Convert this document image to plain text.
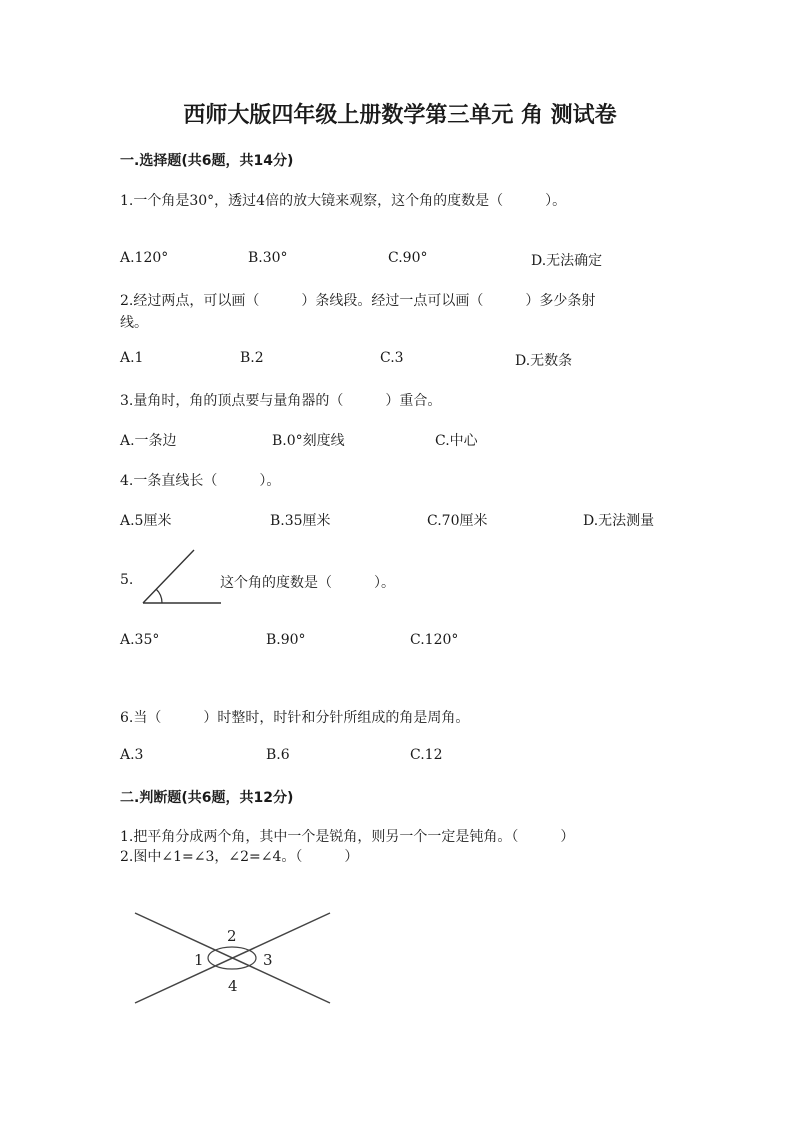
西师大版四年级上册数学第三单元 角 测试卷
一.选择题(共6题，共14分)
1.一个角是30°，透过4倍的放大镜来观察，这个角的度数是（　　　）。
A.120°	B.30°	C.90°	D.无法确定
2.经过两点，可以画（　　　）条线段。经过一点可以画（　　　）多少条射
线。
A.1	B.2	C.3	D.无数条
3.量角时，角的顶点要与量角器的（　　　）重合。
A.一条边	B.0°刻度线	C.中心
4.一条直线长（　　　）。
A.5厘米	B.35厘米	C.70厘米	D.无法测量
5.	这个角的度数是（　　　）。
A.35°	B.90°	C.120°
6.当（　　　）时整时，时针和分针所组成的角是周角。
A.3	B.6	C.12
二.判断题(共6题，共12分)
1.把平角分成两个角，其中一个是锐角，则另一个一定是钝角。（　　　）
2.图中∠1=∠3，∠2=∠4。（　　　）
1
2
3
4
